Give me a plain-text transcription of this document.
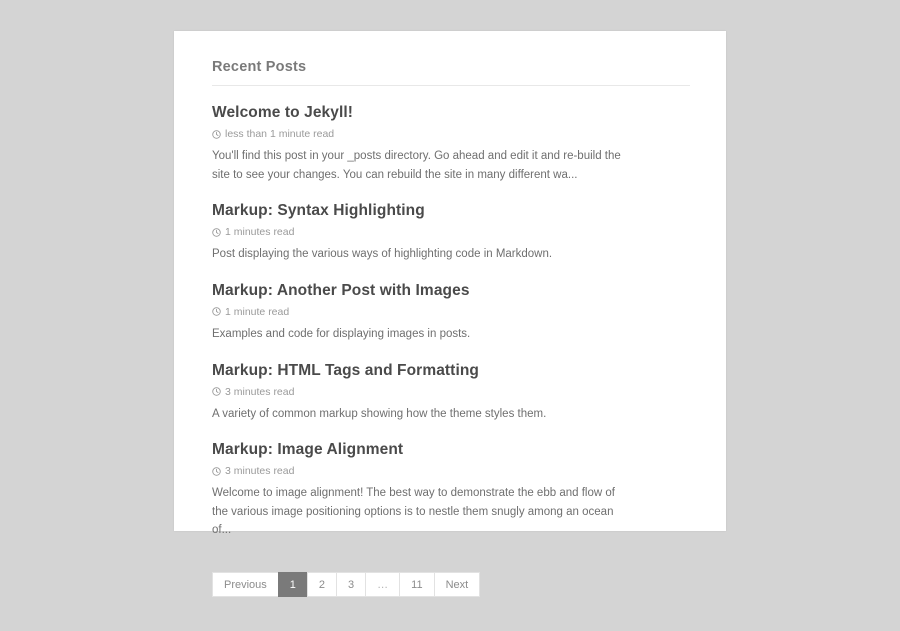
Recent Posts
Welcome to Jekyll!
less than 1 minute read

You'll find this post in your _posts directory. Go ahead and edit it and re-build the site to see your changes. You can rebuild the site in many different wa...

Markup: Syntax Highlighting
1 minutes read

Post displaying the various ways of highlighting code in Markdown.

Markup: Another Post with Images
1 minute read

Examples and code for displaying images in posts.

Markup: HTML Tags and Formatting
3 minutes read

A variety of common markup showing how the theme styles them.

Markup: Image Alignment
3 minutes read

Welcome to image alignment! The best way to demonstrate the ebb and flow of the various image positioning options is to nestle them snugly among an ocean of...

Previous	1	2	3	…	11	Next
